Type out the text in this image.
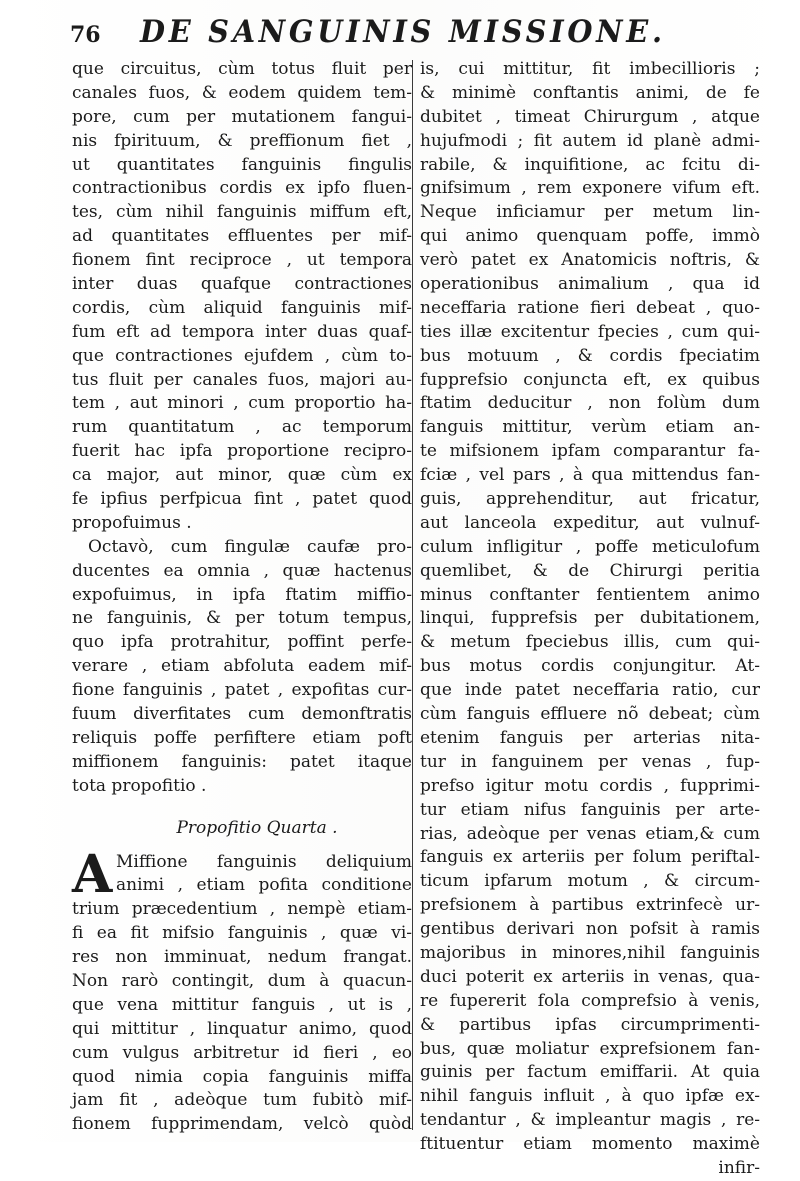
76 DE SANGUINIS MISSIONE.
que circuitus, cùm totus fluit per
canales fuos, & eodem quidem tem-
pore, cum per mutationem fangui-
nis fpirituum, & preffionum fiet ,
ut quantitates fanguinis fingulis
contractionibus cordis ex ipfo fluen-
tes, cùm nihil fanguinis miffum eft,
ad quantitates effluentes per mif-
fionem fint reciproce , ut tempora
inter duas quafque contractiones
cordis, cùm aliquid fanguinis mif-
fum eft ad tempora inter duas quaf-
que contractiones ejufdem , cùm to-
tus fluit per canales fuos, majori au-
tem , aut minori , cum proportio ha-
rum quantitatum , ac temporum
fuerit hac ipfa proportione recipro-
ca major, aut minor, quæ cùm ex
fe ipfius perfpicua fint , patet quod
propofuimus .
Octavò, cum fingulæ caufæ pro-
ducentes ea omnia , quæ hactenus
expofuimus, in ipfa ftatim miffio-
ne fanguinis, & per totum tempus,
quo ipfa protrahitur, poffint perfe-
verare , etiam abfoluta eadem mif-
fione fanguinis , patet , expofitas cur-
fuum diverfitates cum demonftratis
reliquis poffe perfiftere etiam poft
miffionem fanguinis: patet itaque
tota propofitio .
Propofitio Quarta .
A Miffione fanguinis deliquium
animi , etiam pofita conditione
trium præcedentium , nempè etiam-
fi ea fit mifsio fanguinis , quæ vi-
res non imminuat, nedum frangat.
Non rarò contingit, dum à quacun-
que vena mittitur fanguis , ut is ,
qui mittitur , linquatur animo, quod
cum vulgus arbitretur id fieri , eo
quod nimia copia fanguinis miffa
jam fit , adeòque tum fubitò mif-
fionem fupprimendam, velcò quòd
is, cui mittitur, fit imbecillioris ;
& minimè conftantis animi, de fe
dubitet , timeat Chirurgum , atque
hujufmodi ; fit autem id planè admi-
rabile, & inquifitione, ac fcitu di-
gnifsimum , rem exponere vifum eft.
Neque inficiamur per metum lin-
qui animo quenquam poffe, immò
verò patet ex Anatomicis noftris, &
operationibus animalium , qua id
neceffaria ratione fieri debeat , quo-
ties illæ excitentur fpecies , cum qui-
bus motuum , & cordis fpeciatim
fupprefsio conjuncta eft, ex quibus
ftatim deducitur , non folùm dum
fanguis mittitur, verùm etiam an-
te mifsionem ipfam comparantur fa-
fciæ , vel pars , à qua mittendus fan-
guis, apprehenditur, aut fricatur,
aut lanceola expeditur, aut vulnuf-
culum infligitur , poffe meticulofum
quemlibet, & de Chirurgi peritia
minus conftanter fentientem animo
linqui, fupprefsis per dubitationem,
& metum fpeciebus illis, cum qui-
bus motus cordis conjungitur. At-
que inde patet neceffaria ratio, cur
cùm fanguis effluere nõ debeat; cùm
etenim fanguis per arterias nita-
tur in fanguinem per venas , fup-
prefso igitur motu cordis , fupprimi-
tur etiam nifus fanguinis per arte-
rias, adeòque per venas etiam,& cum
fanguis ex arteriis per folum periftal-
ticum ipfarum motum , & circum-
prefsionem à partibus extrinfecè ur-
gentibus derivari non pofsit à ramis
majoribus in minores,nihil fanguinis
duci poterit ex arteriis in venas, qua-
re fupererit fola comprefsio à venis,
& partibus ipfas circumprimenti-
bus, quæ moliatur exprefsionem fan-
guinis per factum emiffarii. At quia
nihil fanguis influit , à quo ipfæ ex-
tendantur , & impleantur magis , re-
ftituentur etiam momento maximè
infir-
